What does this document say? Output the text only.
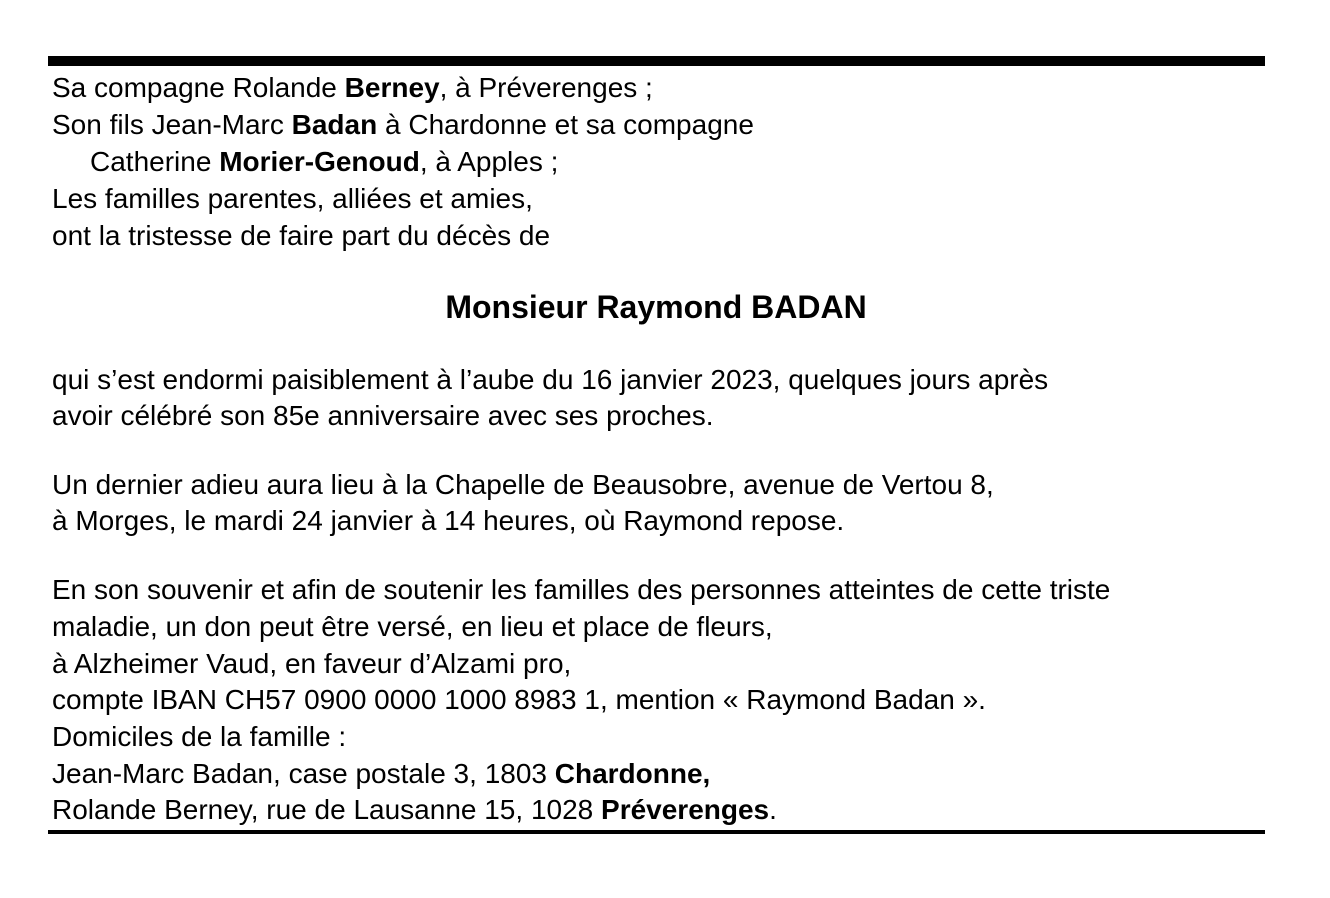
Sa compagne Rolande Berney, à Préverenges ;
Son fils Jean-Marc Badan à Chardonne et sa compagne
Catherine Morier-Genoud, à Apples ;
Les familles parentes, alliées et amies,
ont la tristesse de faire part du décès de
Monsieur Raymond BADAN
qui s’est endormi paisiblement à l’aube du 16 janvier 2023, quelques jours après
avoir célébré son 85e anniversaire avec ses proches.
Un dernier adieu aura lieu à la Chapelle de Beausobre, avenue de Vertou 8,
à Morges, le mardi 24 janvier à 14 heures, où Raymond repose.
En son souvenir et afin de soutenir les familles des personnes atteintes de cette triste
maladie, un don peut être versé, en lieu et place de fleurs,
à Alzheimer Vaud, en faveur d’Alzami pro,
compte IBAN CH57 0900 0000 1000 8983 1, mention « Raymond Badan ».
Domiciles de la famille :
Jean-Marc Badan, case postale 3, 1803 Chardonne,
Rolande Berney, rue de Lausanne 15, 1028 Préverenges.
